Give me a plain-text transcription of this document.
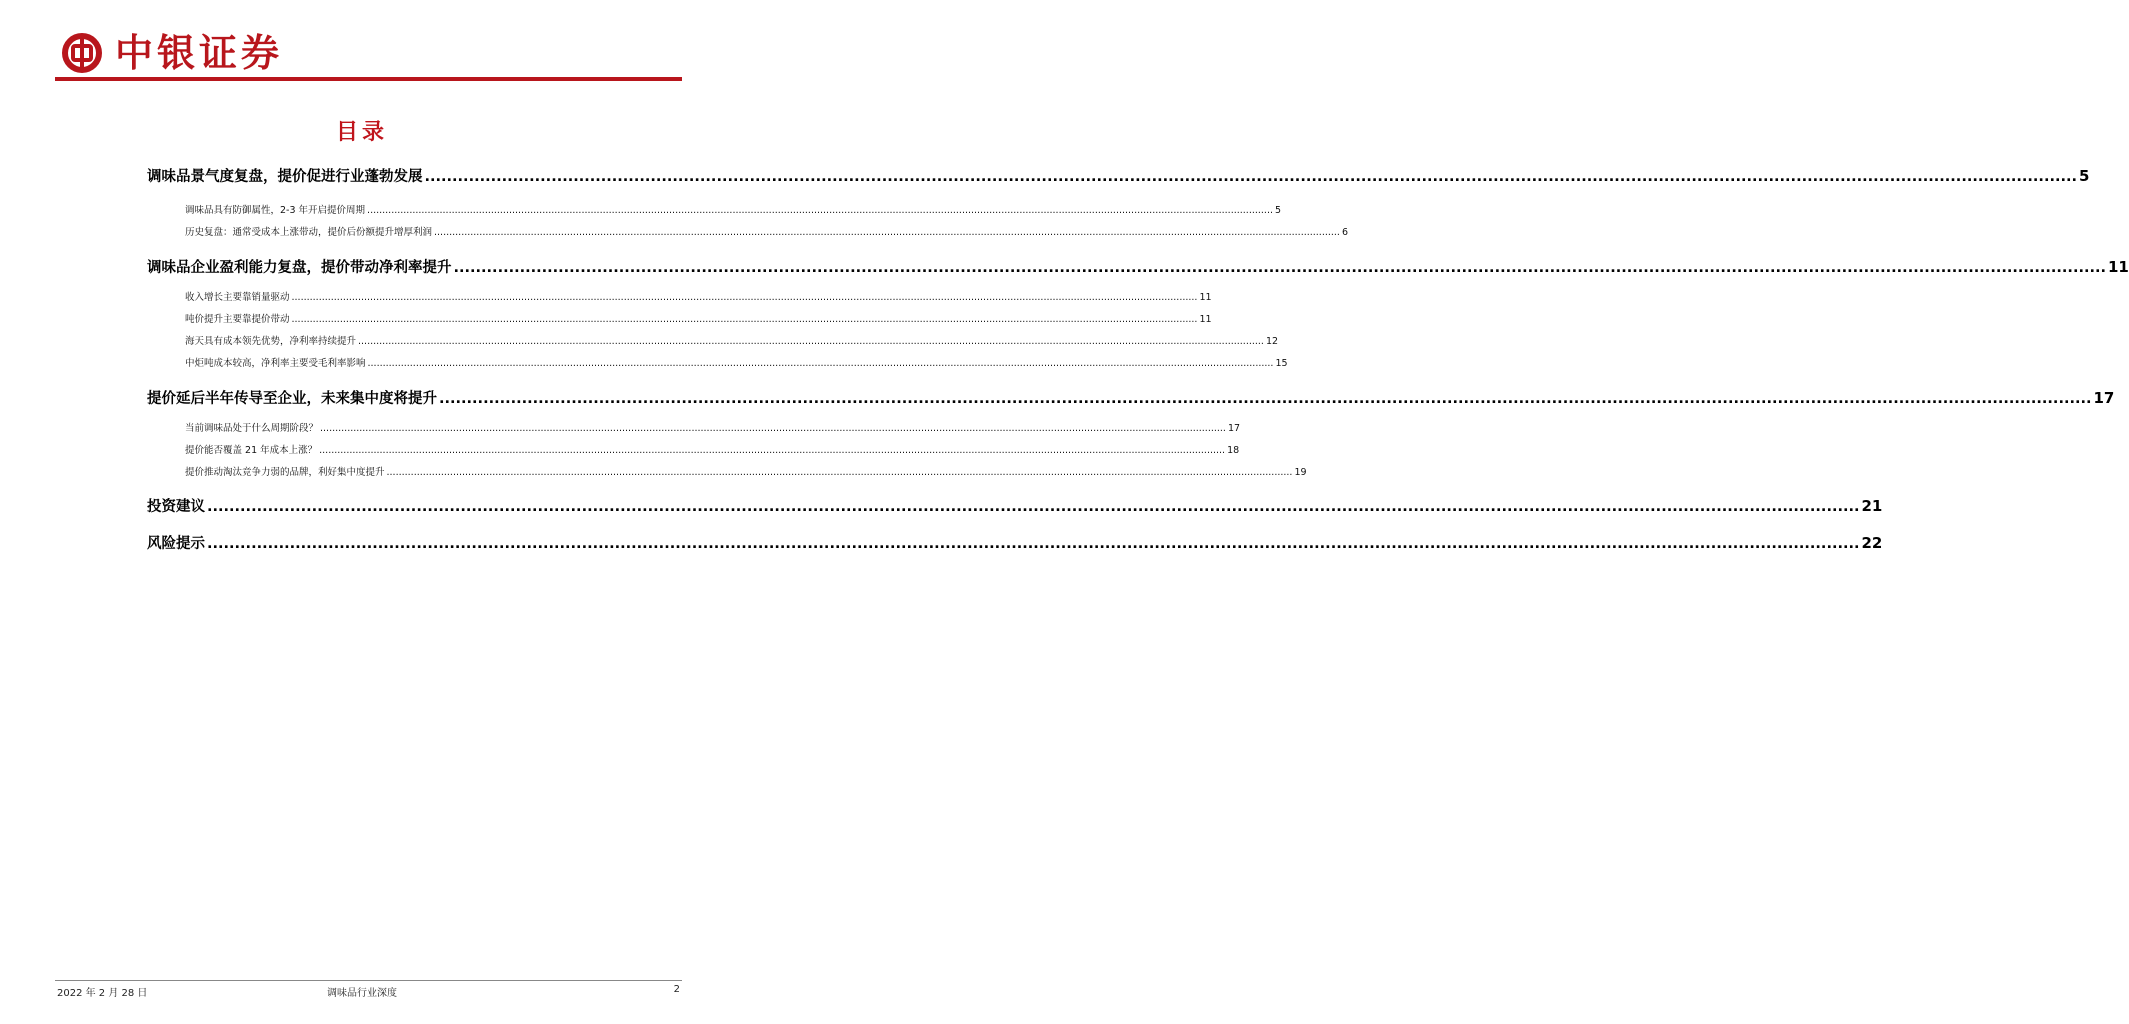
中银证券
目录
调味品景气度复盘，提价促进行业蓬勃发展 ............................................................................................................................................................................................................................................................................................................ 5
调味品具有防御属性，2-3 年开启提价周期 ............................................................................................................................................................................................................................................................................................................ 5
历史复盘：通常受成本上涨带动，提价后份额提升增厚利润 ............................................................................................................................................................................................................................................................................................................ 6
调味品企业盈利能力复盘，提价带动净利率提升 ............................................................................................................................................................................................................................................................................................................ 11
收入增长主要靠销量驱动 ............................................................................................................................................................................................................................................................................................................ 11
吨价提升主要靠提价带动 ............................................................................................................................................................................................................................................................................................................ 11
海天具有成本领先优势，净利率持续提升 ............................................................................................................................................................................................................................................................................................................ 12
中炬吨成本较高，净利率主要受毛利率影响 ............................................................................................................................................................................................................................................................................................................ 15
提价延后半年传导至企业，未来集中度将提升 ............................................................................................................................................................................................................................................................................................................ 17
当前调味品处于什么周期阶段？ ............................................................................................................................................................................................................................................................................................................ 17
提价能否覆盖 21 年成本上涨？ ............................................................................................................................................................................................................................................................................................................ 18
提价推动淘汰竞争力弱的品牌，利好集中度提升 ............................................................................................................................................................................................................................................................................................................ 19
投资建议 ............................................................................................................................................................................................................................................................................................................ 21
风险提示 ............................................................................................................................................................................................................................................................................................................ 22
2022 年 2 月 28 日	调味品行业深度	2
